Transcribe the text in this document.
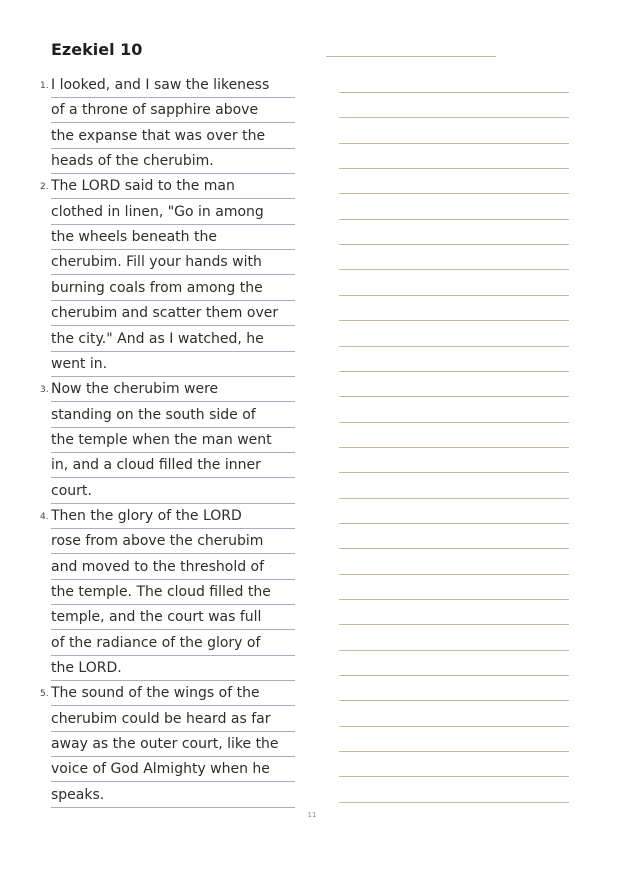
Ezekiel 10
1. I looked, and I saw the likeness
of a throne of sapphire above
the expanse that was over the
heads of the cherubim.
2. The LORD said to the man
clothed in linen, "Go in among
the wheels beneath the
cherubim. Fill your hands with
burning coals from among the
cherubim and scatter them over
the city." And as I watched, he
went in.
3. Now the cherubim were
standing on the south side of
the temple when the man went
in, and a cloud filled the inner
court.
4. Then the glory of the LORD
rose from above the cherubim
and moved to the threshold of
the temple. The cloud filled the
temple, and the court was full
of the radiance of the glory of
the LORD.
5. The sound of the wings of the
cherubim could be heard as far
away as the outer court, like the
voice of God Almighty when he
speaks.
11
